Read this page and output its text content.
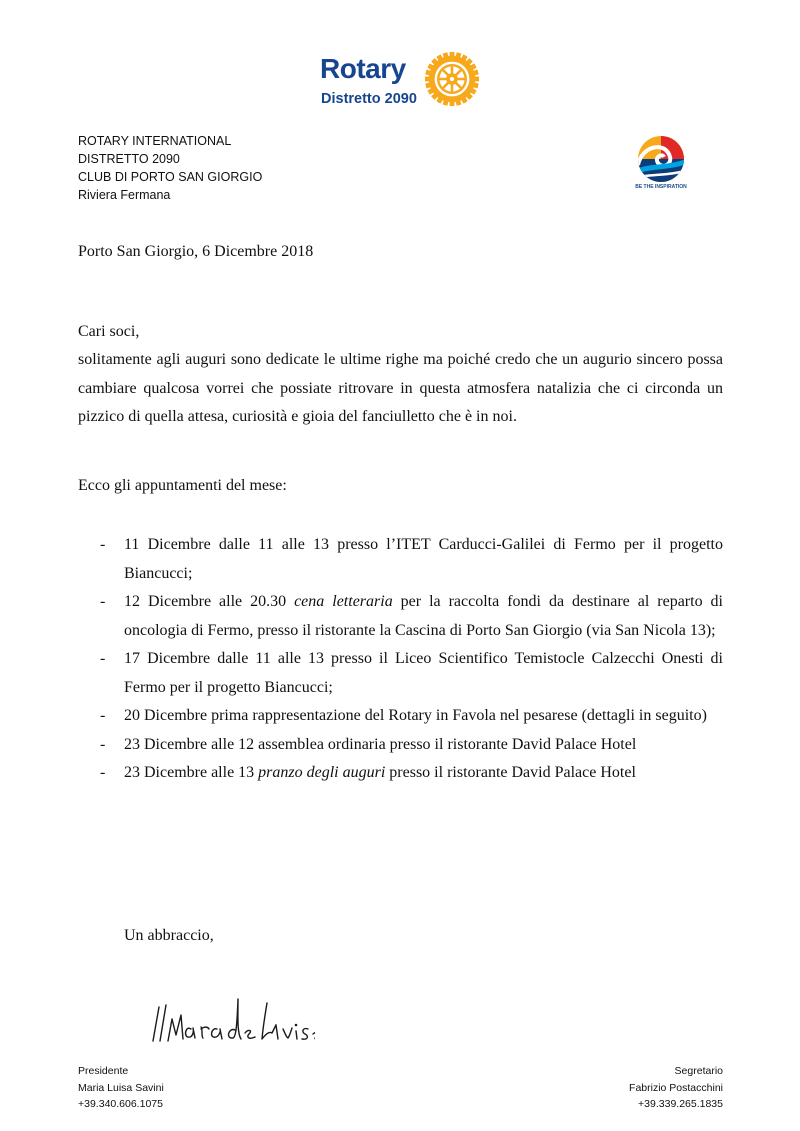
Rotary
Distretto 2090
ROTARY INTERNATIONAL
DISTRETTO 2090
CLUB DI PORTO SAN GIORGIO
Riviera Fermana
BE THE INSPIRATION
Porto San Giorgio, 6 Dicembre 2018
Cari soci,
solitamente agli auguri sono dedicate le ultime righe ma poiché credo che un augurio sincero possa cambiare qualcosa vorrei che possiate ritrovare in questa atmosfera natalizia che ci circonda un pizzico di quella attesa, curiosità e gioia del fanciulletto che è in noi.
Ecco gli appuntamenti del mese:
- 11 Dicembre dalle 11 alle 13 presso l’ITET Carducci-Galilei di Fermo per il progetto Biancucci;
- 12 Dicembre alle 20.30 cena letteraria per la raccolta fondi da destinare al reparto di oncologia di Fermo, presso il ristorante la Cascina di Porto San Giorgio (via San Nicola 13);
- 17 Dicembre dalle 11 alle 13 presso il Liceo Scientifico Temistocle Calzecchi Onesti di Fermo per il progetto Biancucci;
- 20 Dicembre prima rappresentazione del Rotary in Favola nel pesarese (dettagli in seguito)
- 23 Dicembre alle 12 assemblea ordinaria presso il ristorante David Palace Hotel
- 23 Dicembre alle 13 pranzo degli auguri presso il ristorante David Palace Hotel
Un abbraccio,
Presidente
Maria Luisa Savini
+39.340.606.1075
Segretario
Fabrizio Postacchini
+39.339.265.1835
